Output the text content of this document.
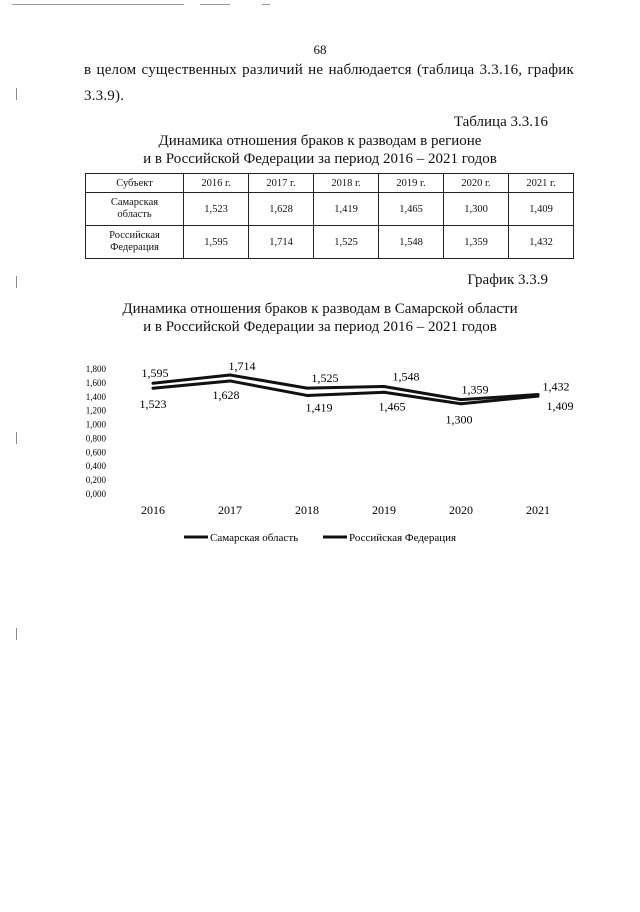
68
в целом существенных различий не наблюдается (таблица 3.3.16, график
3.3.9).
Таблица 3.3.16
Динамика отношения браков к разводам в регионе
и в Российской Федерации за период 2016 – 2021 годов
Субъект	2016 г.	2017 г.	2018 г.	2019 г.	2020 г.	2021 г.

Самарская
область	1,523	1,628	1,419	1,465	1,300	1,409

Российская
Федерация	1,595	1,714	1,525	1,548	1,359	1,432
График 3.3.9
Динамика отношения браков к разводам в Самарской области
и в Российской Федерации за период 2016 – 2021 годов
0,000
0,200
0,400
0,600
0,800
1,000
1,200
1,400
1,600
1,800
2016	2017	2018	2019	2020	2021
1,523
1,628
1,419	1,465
1,300
1,409
1,595
1,714
1,525	1,548
1,359	1,432
Самарская область	Российская Федерация
